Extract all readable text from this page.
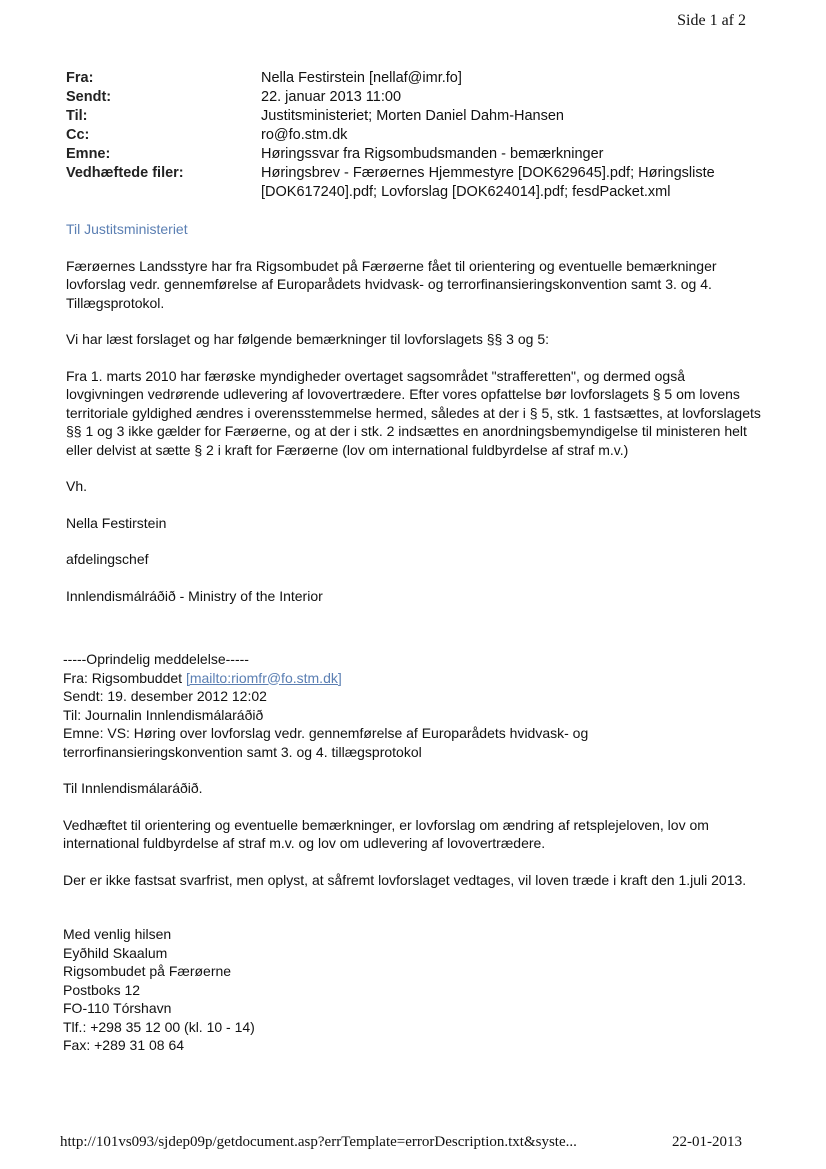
Side 1 af 2
Fra:	Nella Festirstein [nellaf@imr.fo]
Sendt:	22. januar 2013 11:00
Til:	Justitsministeriet; Morten Daniel Dahm-Hansen
Cc:	ro@fo.stm.dk
Emne:	Høringssvar fra Rigsombudsmanden - bemærkninger
Vedhæftede filer:	Høringsbrev - Færøernes Hjemmestyre [DOK629645].pdf; Høringsliste
[DOK617240].pdf; Lovforslag [DOK624014].pdf; fesdPacket.xml

Til Justitsministeriet

Færøernes Landsstyre har fra Rigsombudet på Færøerne fået til orientering og eventuelle bemærkninger lovforslag vedr. gennemførelse af Europarådets hvidvask- og terrorfinansieringskonvention samt 3. og 4. Tillægsprotokol.

Vi har læst forslaget og har følgende bemærkninger til lovforslagets §§ 3 og 5:

Fra 1. marts 2010 har færøske myndigheder overtaget sagsområdet "strafferetten", og dermed også lovgivningen vedrørende udlevering af lovovertrædere. Efter vores opfattelse bør lovforslagets § 5 om lovens territoriale gyldighed ændres i overensstemmelse hermed, således at der i § 5, stk. 1 fastsættes, at lovforslagets §§ 1 og 3 ikke gælder for Færøerne, og at der i stk. 2 indsættes en anordningsbemyndigelse til ministeren helt eller delvist at sætte § 2 i kraft for Færøerne (lov om international fuldbyrdelse af straf m.v.)

Vh.

Nella Festirstein

afdelingschef

Innlendismálráðið - Ministry of the Interior

-----Oprindelig meddelelse-----
Fra: Rigsombuddet [mailto:riomfr@fo.stm.dk]
Sendt: 19. desember 2012 12:02
Til: Journalin Innlendismálaráðið
Emne: VS: Høring over lovforslag vedr. gennemførelse af Europarådets hvidvask- og
terrorfinansieringskonvention samt 3. og 4. tillægsprotokol

Til Innlendismálaráðið.

Vedhæftet til orientering og eventuelle bemærkninger, er lovforslag om ændring af retsplejeloven, lov om international fuldbyrdelse af straf m.v. og lov om udlevering af lovovertrædere.

Der er ikke fastsat svarfrist, men oplyst, at såfremt lovforslaget vedtages, vil loven træde i kraft den 1.juli 2013.

Med venlig hilsen
Eyðhild Skaalum
Rigsombudet på Færøerne
Postboks 12
FO-110 Tórshavn
Tlf.: +298 35 12 00 (kl. 10 - 14)
Fax: +289 31 08 64
http://101vs093/sjdep09p/getdocument.asp?errTemplate=errorDescription.txt&syste...	22-01-2013
